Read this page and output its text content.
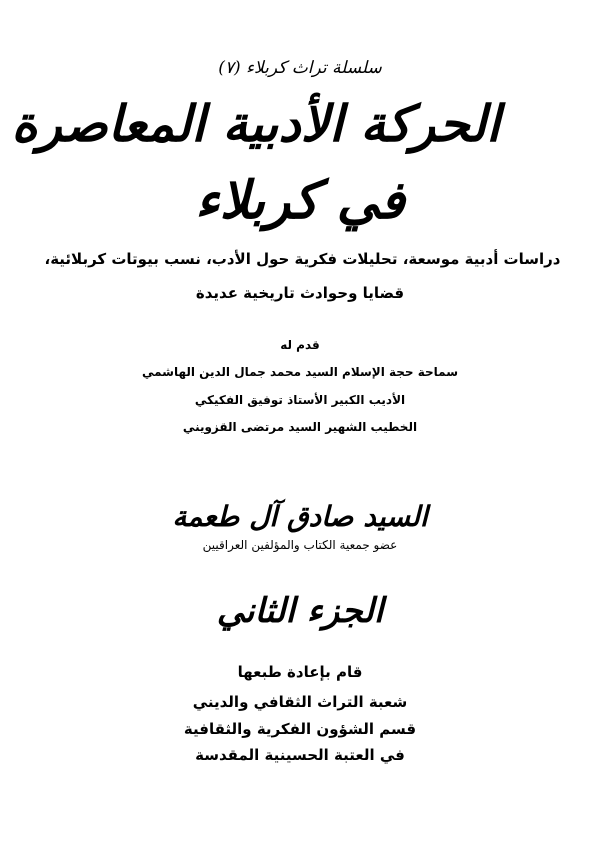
سلسلة تراث كربلاء (٧)
الحركة الأدبية المعاصرة
في كربلاء
دراسات أدبية موسعة، تحليلات فكرية حول الأدب، نسب بيوتات كربلائية،
قضايا وحوادث تاريخية عديدة
قدم له
سماحة حجة الإسلام السيد محمد جمال الدين الهاشمي
الأديب الكبير الأستاذ توفيق الفكيكي
الخطيب الشهير السيد مرتضى القزويني
السيد صادق آل طعمة
عضو جمعية الكتاب والمؤلفين العراقيين
الجزء الثاني
قام بإعادة طبعها
شعبة التراث الثقافي والديني
قسم الشؤون الفكرية والثقافية
في العتبة الحسينية المقدسة
